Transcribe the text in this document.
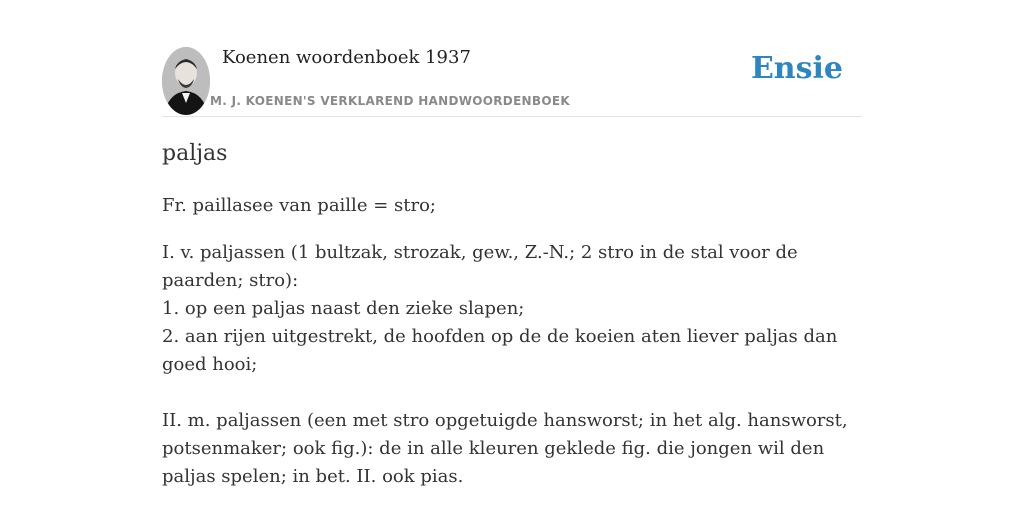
Koenen woordenboek 1937
M. J. KOENEN'S VERKLAREND HANDWOORDENBOEK
Ensie
paljas
Fr. paillasee van paille = stro;

I. v. paljassen (1 bultzak, strozak, gew., Z.-N.; 2 stro in de stal voor de paarden; stro):

1. op een paljas naast den zieke slapen;

2. aan rijen uitgestrekt, de hoofden op de de koeien aten liever paljas dan goed hooi;

II. m. paljassen (een met stro opgetuigde hansworst; in het alg. hansworst, potsenmaker; ook fig.): de in alle kleuren geklede fig. die jongen wil den paljas spelen; in bet. II. ook pias.
